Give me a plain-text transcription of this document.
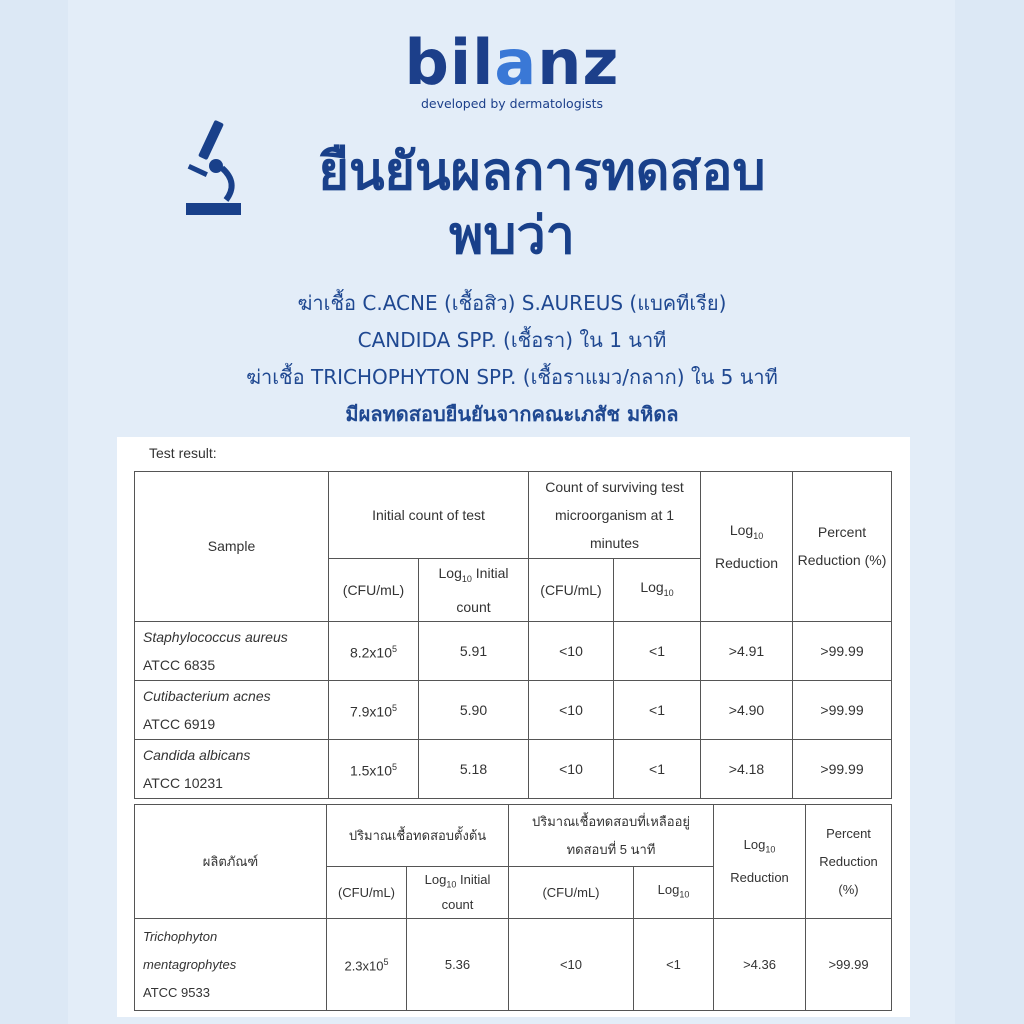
bilanz
developed by dermatologists
ยืนยันผลการทดสอบ
พบว่า
ฆ่าเชื้อ C.ACNE (เชื้อสิว) S.AUREUS (แบคทีเรีย)
CANDIDA SPP. (เชื้อรา) ใน 1 นาที
ฆ่าเชื้อ TRICHOPHYTON SPP. (เชื้อราแมว/กลาก) ใน 5 นาที
มีผลทดสอบยืนยันจากคณะเภสัช มหิดล
Test result:
Sample	Initial count of test		Count of surviving test microorganism at 1 minutes		Log$_{10}$ Reduction	Percent Reduction (%)
	(CFU/mL)	Log$_{10}$ Initial count	(CFU/mL)	Log$_{10}$
Staphylococcus aureus
ATCC 6835	$8.2x10^5$	5.91	<10	<1	>4.91	>99.99
Cutibacterium acnes
ATCC 6919	$7.9x10^5$	5.90	<10	<1	>4.90	>99.99
Candida albicans
ATCC 10231	$1.5x10^5$	5.18	<10	<1	>4.18	>99.99
ผลิตภัณฑ์	ปริมาณเชื้อทดสอบตั้งต้น		ปริมาณเชื้อทดสอบที่เหลืออยู่ ทดสอบที่ 5 นาที		Log$_{10}$ Reduction	Percent Reduction (%)
	(CFU/mL)	Log$_{10}$ Initial count	(CFU/mL)	Log$_{10}$
Trichophyton
mentagrophytes
ATCC 9533	$2.3x10^5$	5.36	<10	<1	>4.36	>99.99
